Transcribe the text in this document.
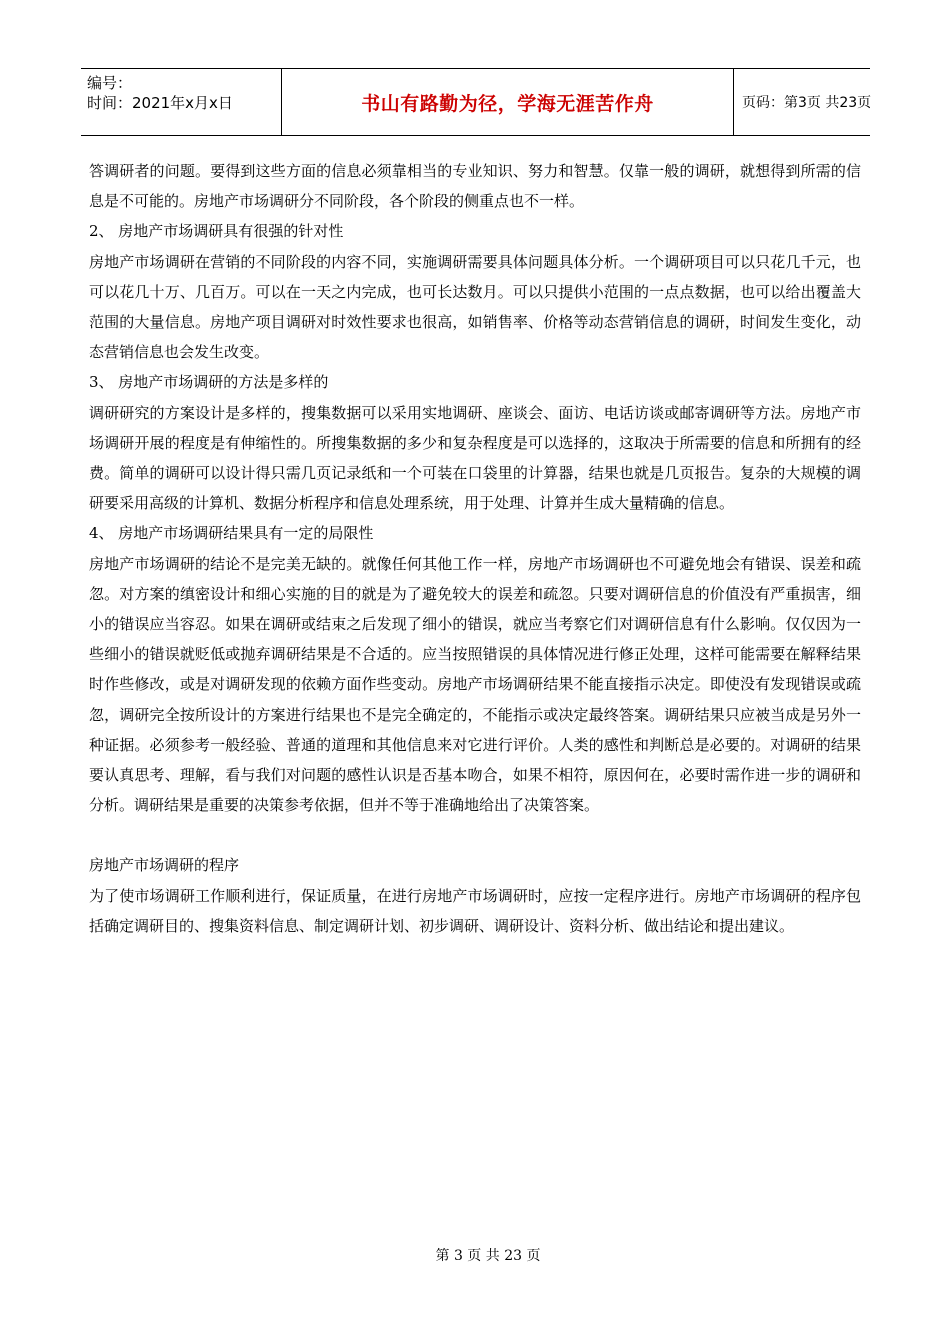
编号：
时间：2021年x月x日	书山有路勤为径，学海无涯苦作舟	页码：第3页 共23页

答调研者的问题。要得到这些方面的信息必须靠相当的专业知识、努力和智慧。仅靠一般的调研，就想得到所需的信息是不可能的。房地产市场调研分不同阶段，各个阶段的侧重点也不一样。

2、 房地产市场调研具有很强的针对性

房地产市场调研在营销的不同阶段的内容不同，实施调研需要具体问题具体分析。一个调研项目可以只花几千元，也可以花几十万、几百万。可以在一天之内完成，也可长达数月。可以只提供小范围的一点点数据，也可以给出覆盖大范围的大量信息。房地产项目调研对时效性要求也很高，如销售率、价格等动态营销信息的调研，时间发生变化，动态营销信息也会发生改变。

3、 房地产市场调研的方法是多样的

调研研究的方案设计是多样的，搜集数据可以采用实地调研、座谈会、面访、电话访谈或邮寄调研等方法。房地产市场调研开展的程度是有伸缩性的。所搜集数据的多少和复杂程度是可以选择的，这取决于所需要的信息和所拥有的经费。简单的调研可以设计得只需几页记录纸和一个可装在口袋里的计算器，结果也就是几页报告。复杂的大规模的调研要采用高级的计算机、数据分析程序和信息处理系统，用于处理、计算并生成大量精确的信息。

4、 房地产市场调研结果具有一定的局限性

房地产市场调研的结论不是完美无缺的。就像任何其他工作一样，房地产市场调研也不可避免地会有错误、误差和疏忽。对方案的缜密设计和细心实施的目的就是为了避免较大的误差和疏忽。只要对调研信息的价值没有严重损害，细小的错误应当容忍。如果在调研或结束之后发现了细小的错误，就应当考察它们对调研信息有什么影响。仅仅因为一些细小的错误就贬低或抛弃调研结果是不合适的。应当按照错误的具体情况进行修正处理，这样可能需要在解释结果时作些修改，或是对调研发现的依赖方面作些变动。房地产市场调研结果不能直接指示决定。即使没有发现错误或疏忽，调研完全按所设计的方案进行结果也不是完全确定的，不能指示或决定最终答案。调研结果只应被当成是另外一种证据。必须参考一般经验、普通的道理和其他信息来对它进行评价。人类的感性和判断总是必要的。对调研的结果要认真思考、理解，看与我们对问题的感性认识是否基本吻合，如果不相符，原因何在，必要时需作进一步的调研和分析。调研结果是重要的决策参考依据，但并不等于准确地给出了决策答案。

房地产市场调研的程序

为了使市场调研工作顺利进行，保证质量，在进行房地产市场调研时，应按一定程序进行。房地产市场调研的程序包括确定调研目的、搜集资料信息、制定调研计划、初步调研、调研设计、资料分析、做出结论和提出建议。

第 3 页 共 23 页
